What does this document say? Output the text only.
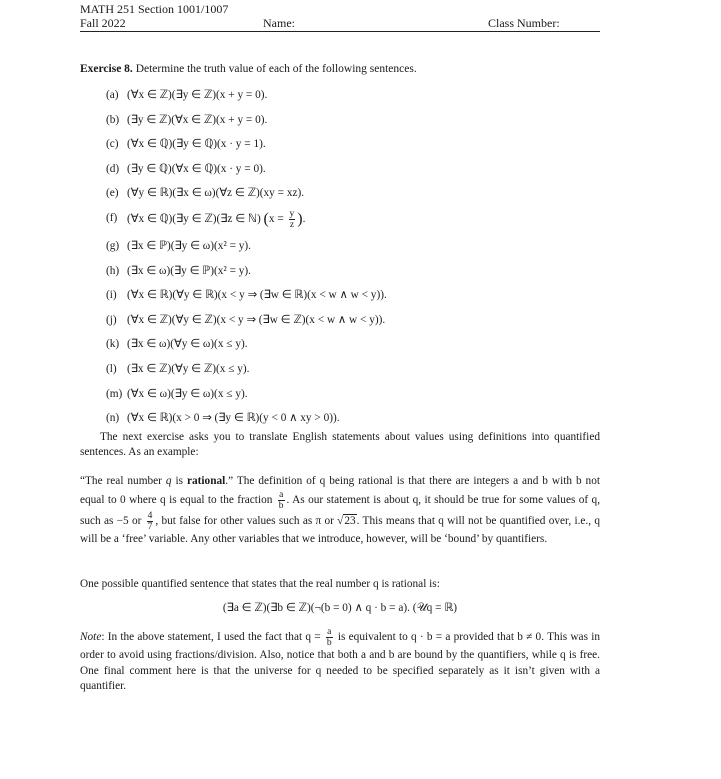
MATH 251 Section 1001/1007
Fall 2022	Name:	Class Number:
Exercise 8. Determine the truth value of each of the following sentences.
(a) (∀x ∈ ℤ)(∃y ∈ ℤ)(x + y = 0).
(b) (∃y ∈ ℤ)(∀x ∈ ℤ)(x + y = 0).
(c) (∀x ∈ ℚ)(∃y ∈ ℚ)(x · y = 1).
(d) (∃y ∈ ℚ)(∀x ∈ ℚ)(x · y = 0).
(e) (∀y ∈ ℝ)(∃x ∈ ω)(∀z ∈ ℤ)(xy = xz).
(f) (∀x ∈ ℚ)(∃y ∈ ℤ)(∃z ∈ ℕ) ($x = \frac{y}{z}$ ).
(g) (∃x ∈ ℙ)(∃y ∈ ω)(x² = y).
(h) (∃x ∈ ω)(∃y ∈ ℙ)(x² = y).
(i) (∀x ∈ ℝ)(∀y ∈ ℝ)(x < y ⇒ (∃w ∈ ℝ)(x < w ∧ w < y)).
(j) (∀x ∈ ℤ)(∀y ∈ ℤ)(x < y ⇒ (∃w ∈ ℤ)(x < w ∧ w < y)).
(k) (∃x ∈ ω)(∀y ∈ ω)(x ≤ y).
(l) (∃x ∈ ℤ)(∀y ∈ ℤ)(x ≤ y).
(m) (∀x ∈ ω)(∃y ∈ ω)(x ≤ y).
(n) (∀x ∈ ℝ)(x > 0 ⇒ (∃y ∈ ℝ)(y < 0 ∧ xy > 0)).
The next exercise asks you to translate English statements about values using definitions into quantified sentences. As an example:
“The real number q is rational.” The definition of q being rational is that there are integers a and b with b not equal to 0 where q is equal to the fraction $\frac{a}{b}$ . As our statement is about q, it should be true for some values of q, such as −5 or $\frac{4}{7}$ , but false for other values such as π or √23. This means that q will not be quantified over, i.e., q will be a ‘free’ variable. Any other variables that we introduce, however, will be ‘bound’ by quantifiers.
One possible quantified sentence that states that the real number q is rational is:
(∃a ∈ ℤ)(∃b ∈ ℤ)(¬(b = 0) ∧ q · b = a). (𝒰q = ℝ)
Note: In the above statement, I used the fact that $q = \frac{a}{b}$ is equivalent to q · b = a provided that b ≠ 0. This was in order to avoid using fractions/division. Also, notice that both a and b are bound by the quantifiers, while q is free. One final comment here is that the universe for q needed to be specified separately as it isn’t given with a quantifier.
